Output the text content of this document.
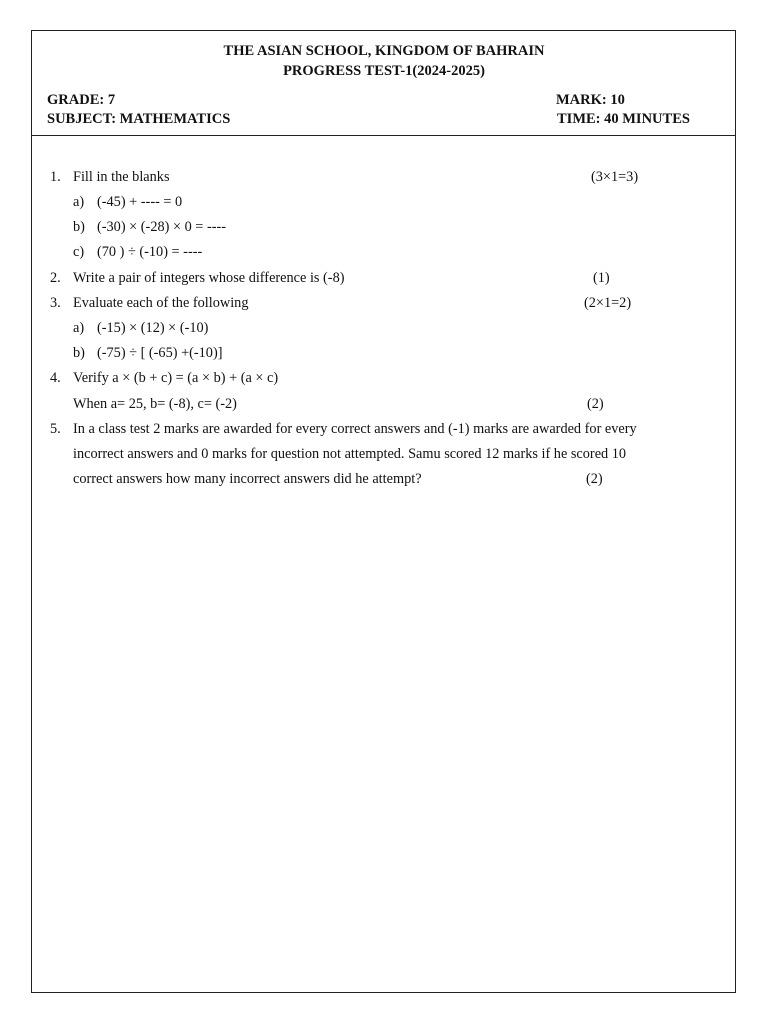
THE ASIAN SCHOOL, KINGDOM OF BAHRAIN
PROGRESS TEST-1(2024-2025)
GRADE: 7
SUBJECT: MATHEMATICS
MARK: 10
TIME: 40 MINUTES
1. Fill in the blanks	(3×1=3)
a) (-45) + ---- = 0
b) (-30) × (-28) × 0 = ----
c) (70 ) ÷ (-10) = ----
2. Write a pair of integers whose difference is (-8)	(1)
3. Evaluate each of the following	(2×1=2)
a) (-15) × (12) × (-10)
b) (-75) ÷ [ (-65) +(-10)]
4. Verify a × (b + c) = (a × b) + (a × c)
When a= 25, b= (-8), c= (-2)	(2)
5. In a class test 2 marks are awarded for every correct answers and (-1) marks are awarded for every
incorrect answers and 0 marks for question not attempted. Samu scored 12 marks if he scored 10
correct answers how many incorrect answers did he attempt?	(2)
